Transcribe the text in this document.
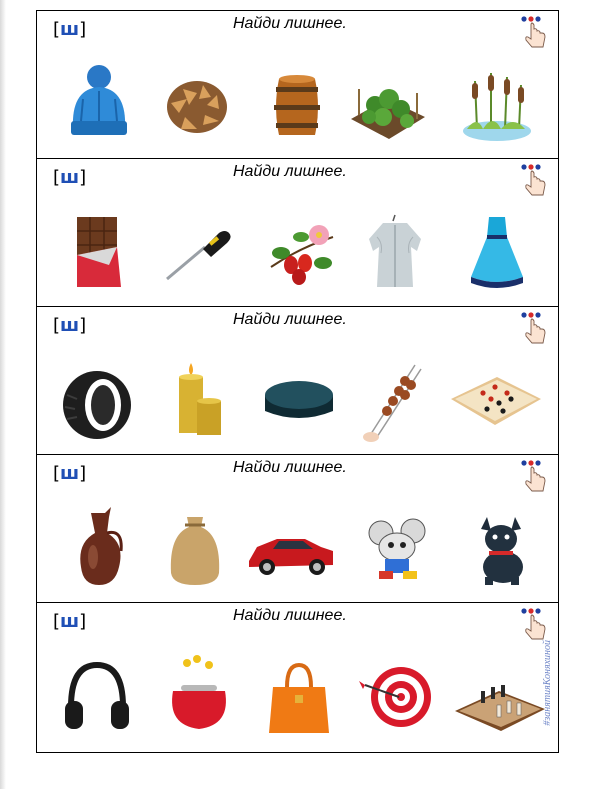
[ш]	Найди лишнее.
[ш]	Найди лишнее.
[ш]	Найди лишнее.
[ш]	Найди лишнее.
[ш]	Найди лишнее.
#занятияКоняхиной
